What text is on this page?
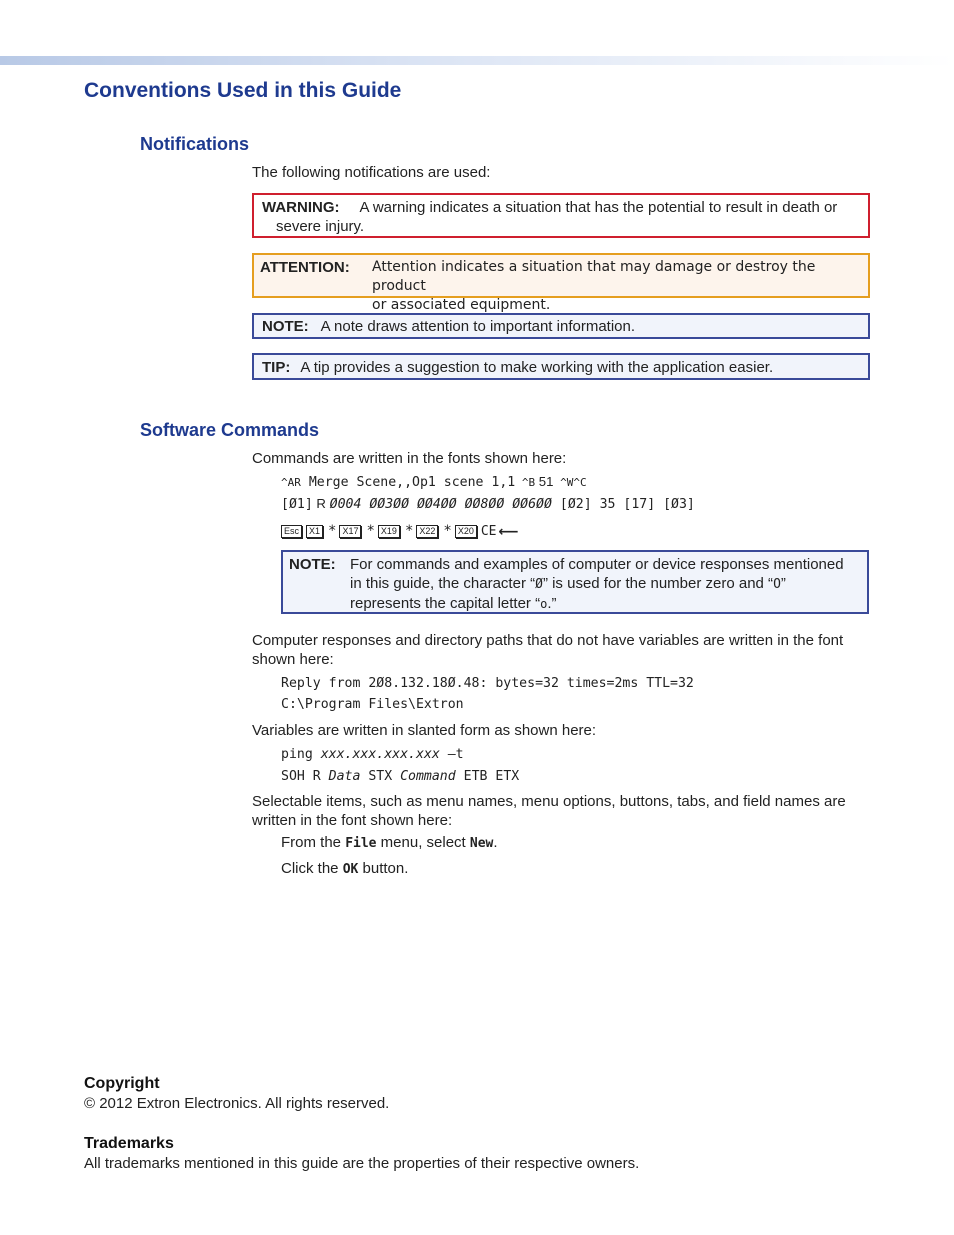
Conventions Used in this Guide
Notifications

The following notifications are used:

WARNING: A warning indicates a situation that has the potential to result in death or
severe injury.
ATTENTION: Attention indicates a situation that may damage or destroy the product
or associated equipment.
NOTE: A note draws attention to important information.
TIP: A tip provides a suggestion to make working with the application easier.
Software Commands

Commands are written in the fonts shown here:

^AR Merge Scene,,Op1 scene 1,1 ^B 51 ^W^C
[Ø1] R Ø004 ØØ3ØØ ØØ4ØØ ØØ8ØØ ØØ6ØØ [Ø2] 35 [17] [Ø3]
Esc	X1 * X17 * X19 * X22 * X20 CE ⟵
NOTE: For commands and examples of computer or device responses mentioned
in this guide, the character “Ø” is used for the number zero and “O”
represents the capital letter “o.”

Computer responses and directory paths that do not have variables are written in the font
shown here:

Reply from 2Ø8.132.18Ø.48: bytes=32 times=2ms TTL=32
C:\Program Files\Extron

Variables are written in slanted form as shown here:

ping xxx.xxx.xxx.xxx —t
SOH R Data STX Command ETB ETX

Selectable items, such as menu names, menu options, buttons, tabs, and field names are
written in the font shown here:

From the File menu, select New.
Click the OK button.
Copyright

© 2012 Extron Electronics. All rights reserved.

Trademarks

All trademarks mentioned in this guide are the properties of their respective owners.
